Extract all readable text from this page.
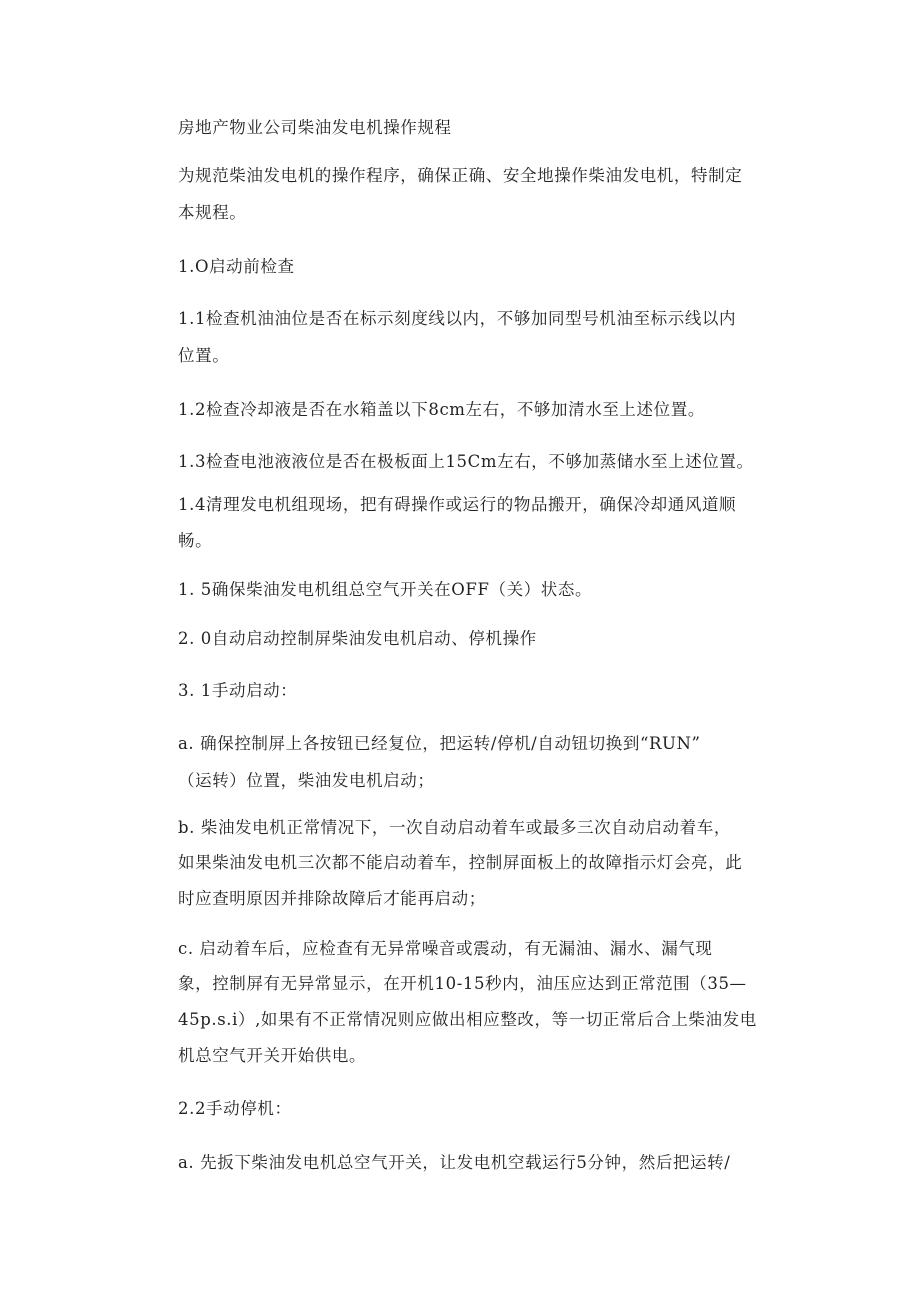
房地产物业公司柴油发电机操作规程
为规范柴油发电机的操作程序，确保正确、安全地操作柴油发电机，特制定
本规程。
1.O启动前检查
1.1检查机油油位是否在标示刻度线以内，不够加同型号机油至标示线以内
位置。
1.2检查冷却液是否在水箱盖以下8cm左右，不够加清水至上述位置。
1.3检查电池液液位是否在极板面上15Cm左右，不够加蒸储水至上述位置。
1.4清理发电机组现场，把有碍操作或运行的物品搬开，确保冷却通风道顺
畅。
1. 5确保柴油发电机组总空气开关在OFF（关）状态。
2. 0自动启动控制屏柴油发电机启动、停机操作
3. 1手动启动：
a. 确保控制屏上各按钮已经复位，把运转/停机/自动钮切换到“RUN”
（运转）位置，柴油发电机启动；
b. 柴油发电机正常情况下，一次自动启动着车或最多三次自动启动着车，
如果柴油发电机三次都不能启动着车，控制屏面板上的故障指示灯会亮，此
时应查明原因并排除故障后才能再启动；
c. 启动着车后，应检查有无异常噪音或震动，有无漏油、漏水、漏气现
象，控制屏有无异常显示，在开机10-15秒内，油压应达到正常范围（35—
45p.s.i）,如果有不正常情况则应做出相应整改，等一切正常后合上柴油发电
机总空气开关开始供电。
2.2手动停机：
a. 先扳下柴油发电机总空气开关，让发电机空载运行5分钟，然后把运转/
